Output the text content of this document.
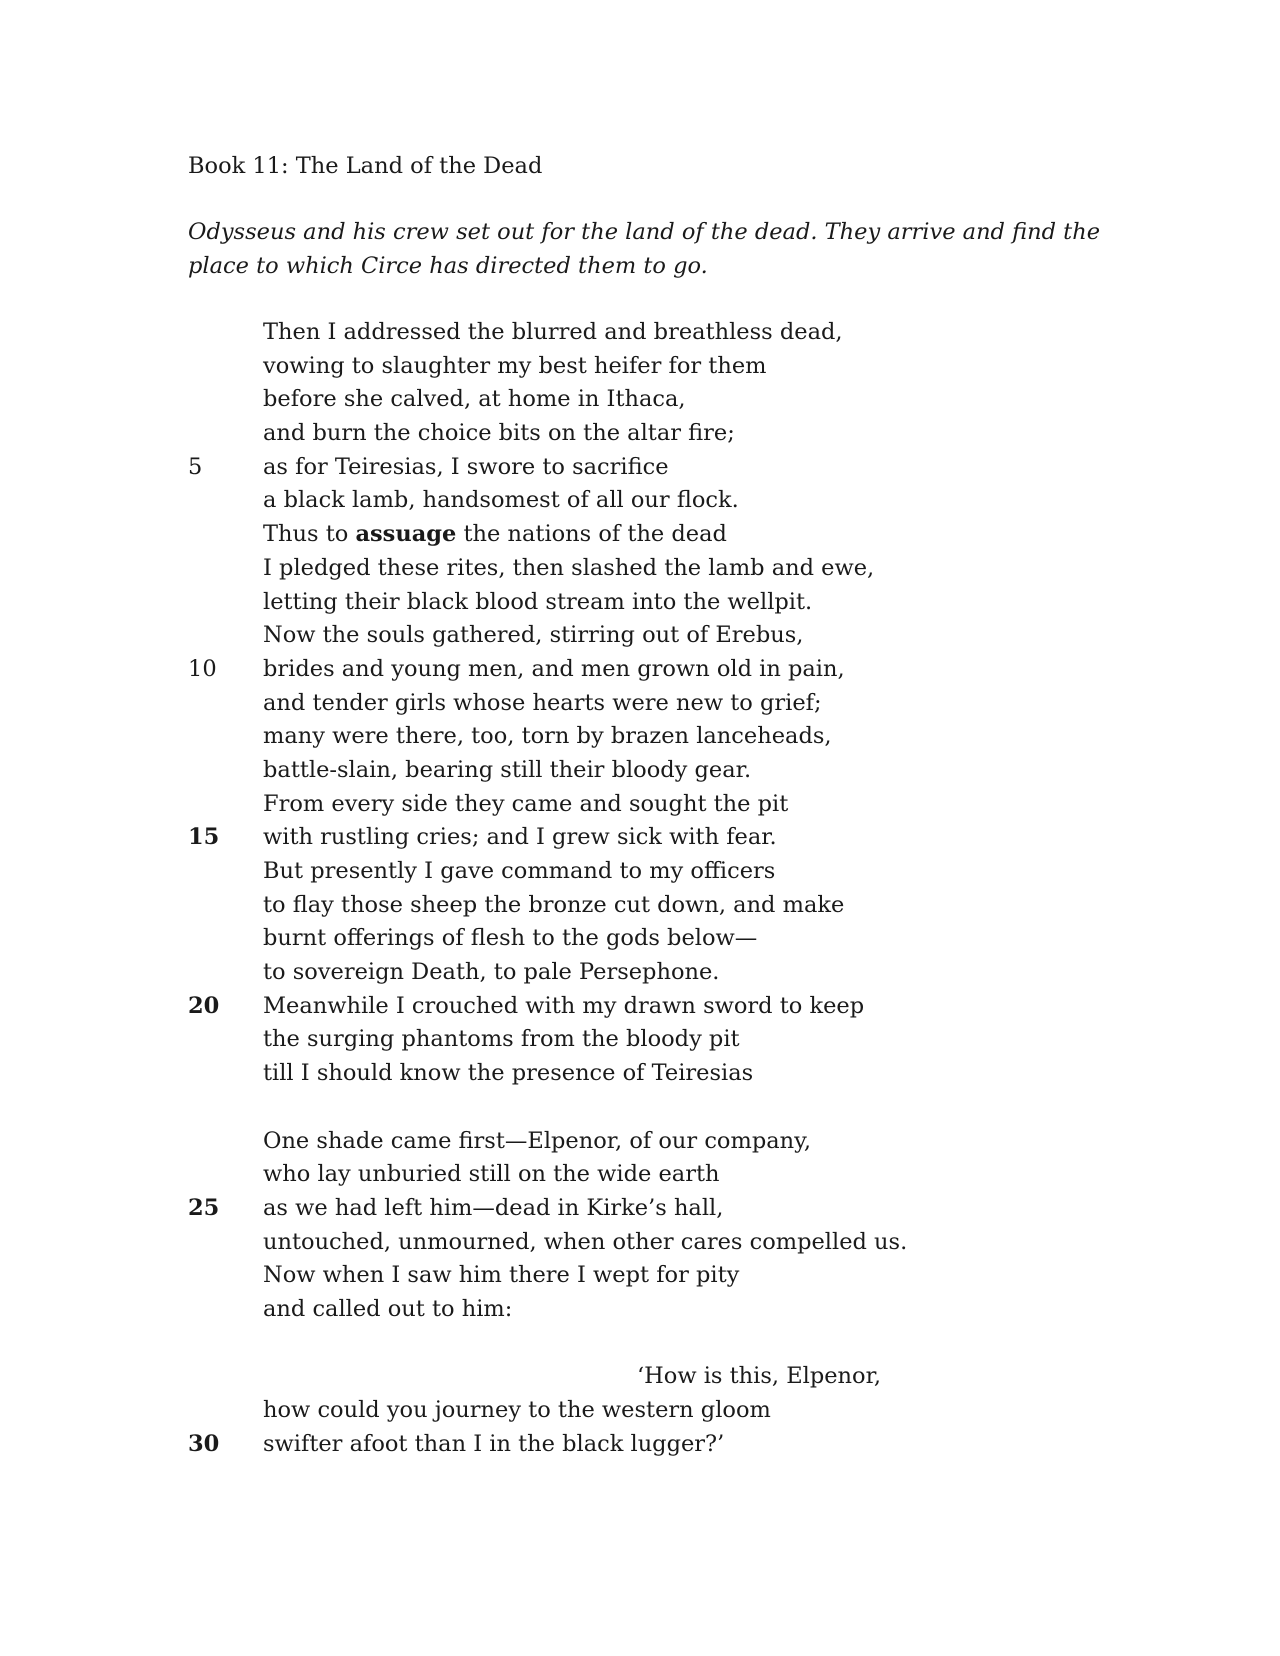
Book 11: The Land of the Dead
Odysseus and his crew set out for the land of the dead. They arrive and find the place to which Circe has directed them to go.
Then I addressed the blurred and breathless dead,
vowing to slaughter my best heifer for them
before she calved, at home in Ithaca,
and burn the choice bits on the altar fire;
5	as for Teiresias, I swore to sacrifice
a black lamb, handsomest of all our flock.
Thus to assuage the nations of the dead
I pledged these rites, then slashed the lamb and ewe,
letting their black blood stream into the wellpit.
Now the souls gathered, stirring out of Erebus,
10 brides and young men, and men grown old in pain,
and tender girls whose hearts were new to grief;
many were there, too, torn by brazen lanceheads,
battle-slain, bearing still their bloody gear.
From every side they came and sought the pit
15 with rustling cries; and I grew sick with fear.
But presently I gave command to my officers
to flay those sheep the bronze cut down, and make
burnt offerings of flesh to the gods below—
to sovereign Death, to pale Persephone.
20 Meanwhile I crouched with my drawn sword to keep
the surging phantoms from the bloody pit
till I should know the presence of Teiresias
One shade came first—Elpenor, of our company,
who lay unburied still on the wide earth
25 as we had left him—dead in Kirke’s hall,
untouched, unmourned, when other cares compelled us.
Now when I saw him there I wept for pity
and called out to him:
‘How is this, Elpenor,
how could you journey to the western gloom
30 swifter afoot than I in the black lugger?’
